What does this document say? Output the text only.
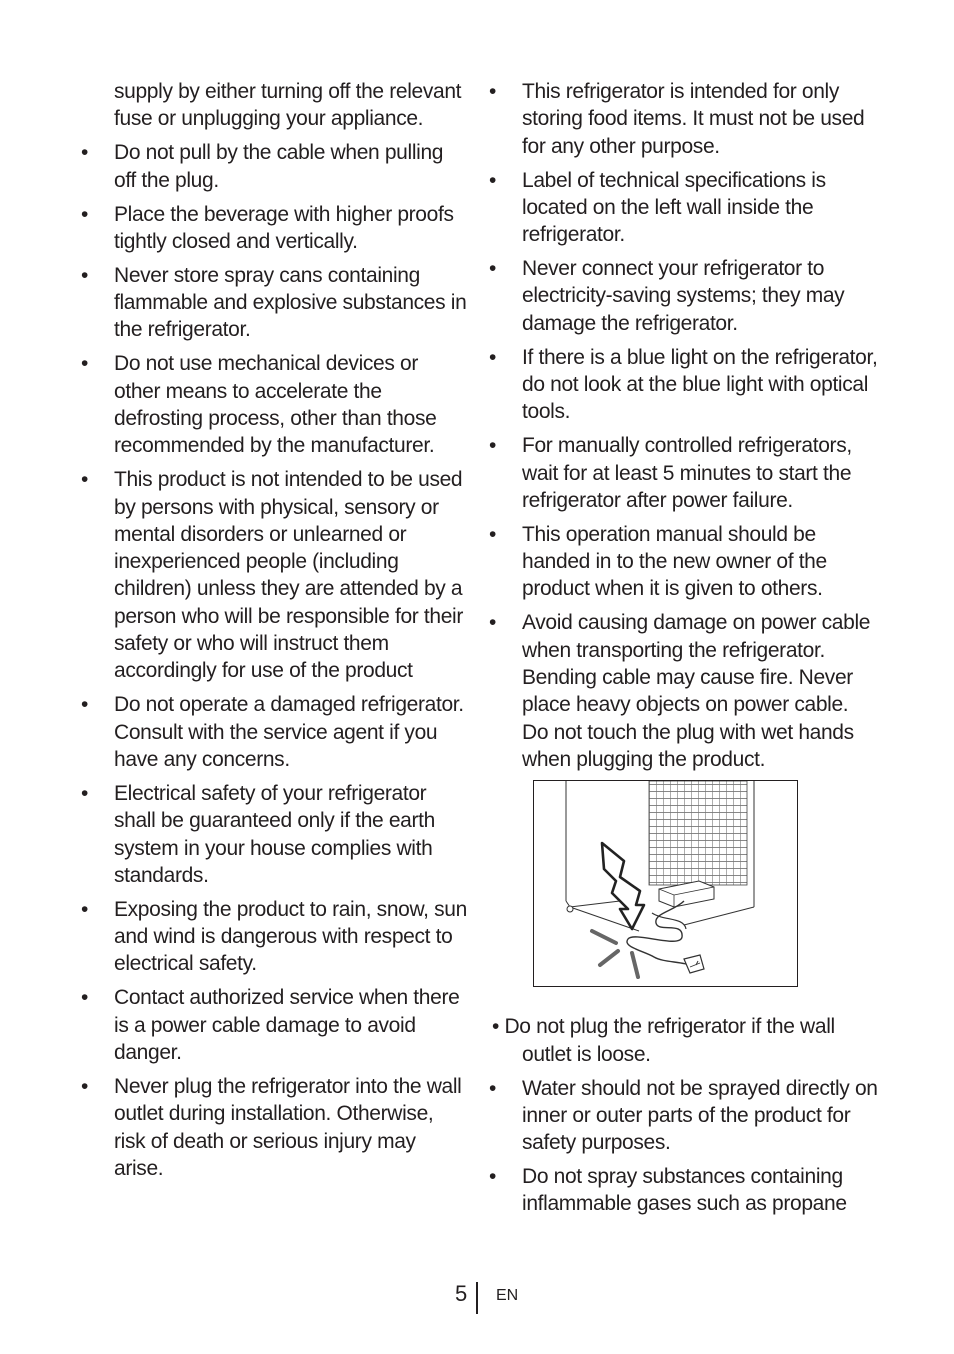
supply by either turning off the relevant fuse or unplugging your appliance.

•	Do not pull by the cable when pulling off the plug.

•	Place the beverage with higher proofs tightly closed and vertically.

•	Never store spray cans containing flammable and explosive substances in the refrigerator.

•	Do not use mechanical devices or other means to accelerate the defrosting process, other than those recommended by the manufacturer.

•	This product is not intended to be used by persons with physical, sensory or mental disorders or unlearned or inexperienced people (including children) unless they are attended by a person who will be responsible for their safety or who will instruct them accordingly for use of the product

•	Do not operate a damaged refrigerator. Consult with the service agent if you have any concerns.

•	Electrical safety of your refrigerator shall be guaranteed only if the earth system in your house complies with standards.

•	Exposing the product to rain, snow, sun and wind is dangerous with respect to electrical safety.

•	Contact authorized service when there is a power cable damage to avoid danger.

•	Never plug the refrigerator into the wall outlet during installation. Otherwise, risk of death or serious injury may arise.

•	This refrigerator is intended for only storing food items. It must not be used for any other purpose.

•	Label of technical specifications is located on the left wall inside the refrigerator.

•	Never connect your refrigerator to electricity-saving systems; they may damage the refrigerator.

•	If there is a blue light on the refrigerator, do not look at the blue light with optical tools.

•	For manually controlled refrigerators, wait for at least 5 minutes to start the refrigerator after power failure.

•	This operation manual should be handed in to the new owner of the product when it is given to others.

•	Avoid causing damage on power cable when transporting the refrigerator. Bending cable may cause fire. Never place heavy objects on power cable. Do not touch the plug with wet hands when plugging the product.

• Do not plug the refrigerator if the wall
outlet is loose.

•	Water should not be sprayed directly on inner or outer parts of the product for safety purposes.

•	Do not spray substances containing inflammable gases such as propane

5 EN
